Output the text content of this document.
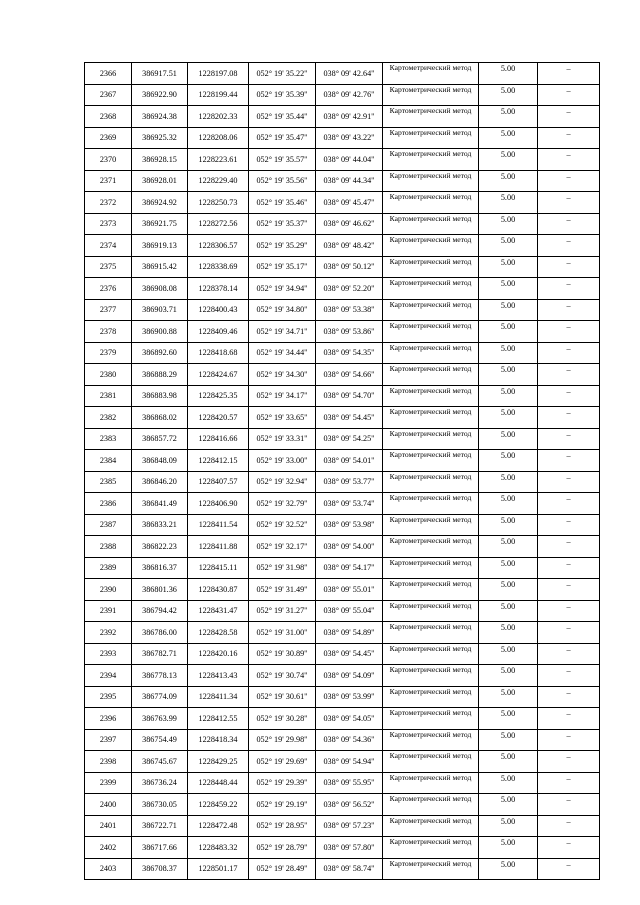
2366	386917.51	1228197.08	052° 19' 35.22"	038° 09' 42.64"	Картометрический метод	5.00	–
2367	386922.90	1228199.44	052° 19' 35.39"	038° 09' 42.76"	Картометрический метод	5.00	–
2368	386924.38	1228202.33	052° 19' 35.44"	038° 09' 42.91"	Картометрический метод	5.00	–
2369	386925.32	1228208.06	052° 19' 35.47"	038° 09' 43.22"	Картометрический метод	5.00	–
2370	386928.15	1228223.61	052° 19' 35.57"	038° 09' 44.04"	Картометрический метод	5.00	–
2371	386928.01	1228229.40	052° 19' 35.56"	038° 09' 44.34"	Картометрический метод	5.00	–
2372	386924.92	1228250.73	052° 19' 35.46"	038° 09' 45.47"	Картометрический метод	5.00	–
2373	386921.75	1228272.56	052° 19' 35.37"	038° 09' 46.62"	Картометрический метод	5.00	–
2374	386919.13	1228306.57	052° 19' 35.29"	038° 09' 48.42"	Картометрический метод	5.00	–
2375	386915.42	1228338.69	052° 19' 35.17"	038° 09' 50.12"	Картометрический метод	5.00	–
2376	386908.08	1228378.14	052° 19' 34.94"	038° 09' 52.20"	Картометрический метод	5.00	–
2377	386903.71	1228400.43	052° 19' 34.80"	038° 09' 53.38"	Картометрический метод	5.00	–
2378	386900.88	1228409.46	052° 19' 34.71"	038° 09' 53.86"	Картометрический метод	5.00	–
2379	386892.60	1228418.68	052° 19' 34.44"	038° 09' 54.35"	Картометрический метод	5.00	–
2380	386888.29	1228424.67	052° 19' 34.30"	038° 09' 54.66"	Картометрический метод	5.00	–
2381	386883.98	1228425.35	052° 19' 34.17"	038° 09' 54.70"	Картометрический метод	5.00	–
2382	386868.02	1228420.57	052° 19' 33.65"	038° 09' 54.45"	Картометрический метод	5.00	–
2383	386857.72	1228416.66	052° 19' 33.31"	038° 09' 54.25"	Картометрический метод	5.00	–
2384	386848.09	1228412.15	052° 19' 33.00"	038° 09' 54.01"	Картометрический метод	5.00	–
2385	386846.20	1228407.57	052° 19' 32.94"	038° 09' 53.77"	Картометрический метод	5.00	–
2386	386841.49	1228406.90	052° 19' 32.79"	038° 09' 53.74"	Картометрический метод	5.00	–
2387	386833.21	1228411.54	052° 19' 32.52"	038° 09' 53.98"	Картометрический метод	5.00	–
2388	386822.23	1228411.88	052° 19' 32.17"	038° 09' 54.00"	Картометрический метод	5.00	–
2389	386816.37	1228415.11	052° 19' 31.98"	038° 09' 54.17"	Картометрический метод	5.00	–
2390	386801.36	1228430.87	052° 19' 31.49"	038° 09' 55.01"	Картометрический метод	5.00	–
2391	386794.42	1228431.47	052° 19' 31.27"	038° 09' 55.04"	Картометрический метод	5.00	–
2392	386786.00	1228428.58	052° 19' 31.00"	038° 09' 54.89"	Картометрический метод	5.00	–
2393	386782.71	1228420.16	052° 19' 30.89"	038° 09' 54.45"	Картометрический метод	5.00	–
2394	386778.13	1228413.43	052° 19' 30.74"	038° 09' 54.09"	Картометрический метод	5.00	–
2395	386774.09	1228411.34	052° 19' 30.61"	038° 09' 53.99"	Картометрический метод	5.00	–
2396	386763.99	1228412.55	052° 19' 30.28"	038° 09' 54.05"	Картометрический метод	5.00	–
2397	386754.49	1228418.34	052° 19' 29.98"	038° 09' 54.36"	Картометрический метод	5.00	–
2398	386745.67	1228429.25	052° 19' 29.69"	038° 09' 54.94"	Картометрический метод	5.00	–
2399	386736.24	1228448.44	052° 19' 29.39"	038° 09' 55.95"	Картометрический метод	5.00	–
2400	386730.05	1228459.22	052° 19' 29.19"	038° 09' 56.52"	Картометрический метод	5.00	–
2401	386722.71	1228472.48	052° 19' 28.95"	038° 09' 57.23"	Картометрический метод	5.00	–
2402	386717.66	1228483.32	052° 19' 28.79"	038° 09' 57.80"	Картометрический метод	5.00	–
2403	386708.37	1228501.17	052° 19' 28.49"	038° 09' 58.74"	Картометрический метод	5.00	–
